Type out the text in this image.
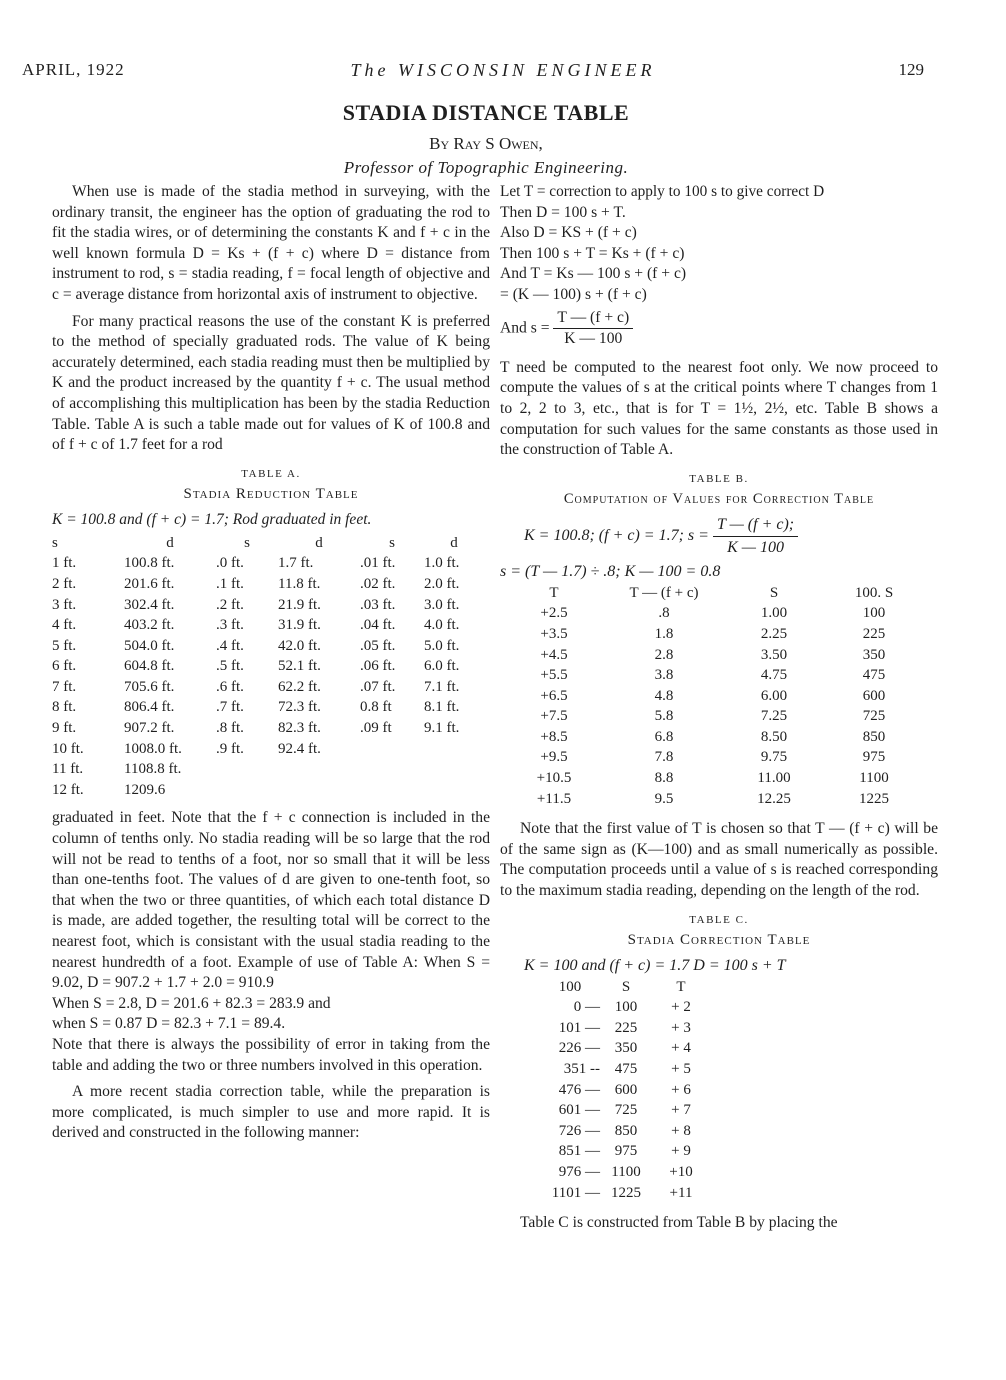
APRIL, 1922	The WISCONSIN ENGINEER	129
STADIA DISTANCE TABLE
By Ray S Owen,
Professor of Topographic Engineering.

When use is made of the stadia method in surveying, with the ordinary transit, the engineer has the option of graduating the rod to fit the stadia wires, or of determining the constants K and f + c in the well known formula D = Ks + (f + c) where D = distance from instrument to rod, s = stadia reading, f = focal length of objective and c = average distance from horizontal axis of instrument to objective.

For many practical reasons the use of the constant K is preferred to the method of specially graduated rods. The value of K being accurately determined, each stadia reading must then be multiplied by K and the product increased by the quantity f + c. The usual method of accomplishing this multiplication has been by the stadia Reduction Table. Table A is such a table made out for values of K of 100.8 and of f + c of 1.7 feet for a rod

TABLE A.
Stadia Reduction Table
K = 100.8 and (f + c) = 1.7; Rod graduated in feet.
s	d	s	d	s	d
1 ft.	100.8 ft.	.0 ft.	1.7 ft.	.01 ft.	1.0 ft.
2 ft.	201.6 ft.	.1 ft.	11.8 ft.	.02 ft.	2.0 ft.
3 ft.	302.4 ft.	.2 ft.	21.9 ft.	.03 ft.	3.0 ft.
4 ft.	403.2 ft.	.3 ft.	31.9 ft.	.04 ft.	4.0 ft.
5 ft.	504.0 ft.	.4 ft.	42.0 ft.	.05 ft.	5.0 ft.
6 ft.	604.8 ft.	.5 ft.	52.1 ft.	.06 ft.	6.0 ft.
7 ft.	705.6 ft.	.6 ft.	62.2 ft.	.07 ft.	7.1 ft.
8 ft.	806.4 ft.	.7 ft.	72.3 ft.	0.8 ft	8.1 ft.
9 ft.	907.2 ft.	.8 ft.	82.3 ft.	.09 ft	9.1 ft.
10 ft.	1008.0 ft.	.9 ft.	92.4 ft.		
11 ft.	1108.8 ft.				
12 ft.	1209.6				

graduated in feet. Note that the f + c connection is included in the column of tenths only. No stadia reading will be so large that the rod will not be read to tenths of a foot, nor so small that it will be less than one-tenths foot. The values of d are given to one-tenth foot, so that when the two or three quantities, of which each total distance D is made, are added together, the resulting total will be correct to the nearest foot, which is consistant with the usual stadia reading to the nearest hundredth of a foot. Example of use of Table A: When S = 9.02, D = 907.2 + 1.7 + 2.0 = 910.9

When S = 2.8, D = 201.6 + 82.3 = 283.9 and

when S = 0.87 D = 82.3 + 7.1 = 89.4.

Note that there is always the possibility of error in taking from the table and adding the two or three numbers involved in this operation.

A more recent stadia correction table, while the preparation is more complicated, is much simpler to use and more rapid. It is derived and constructed in the following manner:

Let T = correction to apply to 100 s to give correct D

Then D = 100 s + T.

Also D = KS + (f + c)

Then 100 s + T = Ks + (f + c)

And T = Ks — 100 s + (f + c)

= (K — 100) s + (f + c)

And $s = \frac{T — (f + c)}{K — 100}$

T need be computed to the nearest foot only. We now proceed to compute the values of s at the critical points where T changes from 1 to 2, 2 to 3, etc., that is for T = 1½, 2½, etc. Table B shows a computation for such values for the same constants as those used in the construction of Table A.

TABLE B.
Computation of Values for Correction Table
K = 100.8; (f + c) = 1.7; $s = \frac{T — (f + c);}{K — 100}$
s = (T — 1.7) ÷ .8; K — 100 = 0.8
T	T — (f + c)	S	100. S
+2.5	.8	1.00	100
+3.5	1.8	2.25	225
+4.5	2.8	3.50	350
+5.5	3.8	4.75	475
+6.5	4.8	6.00	600
+7.5	5.8	7.25	725
+8.5	6.8	8.50	850
+9.5	7.8	9.75	975
+10.5	8.8	11.00	1100
+11.5	9.5	12.25	1225

Note that the first value of T is chosen so that T — (f + c) will be of the same sign as (K—100) and as small numerically as possible. The computation proceeds until a value of s is reached corresponding to the maximum stadia reading, depending on the length of the rod.

TABLE C.
Stadia Correction Table
K = 100 and (f + c) = 1.7 D = 100 s + T
100	S	T
0 —	100	+ 2
101 —	225	+ 3
226 —	350	+ 4
351 --	475	+ 5
476 —	600	+ 6
601 —	725	+ 7
726 —	850	+ 8
851 —	975	+ 9
976 —	1100	+10
1101 —	1225	+11

Table C is constructed from Table B by placing the
